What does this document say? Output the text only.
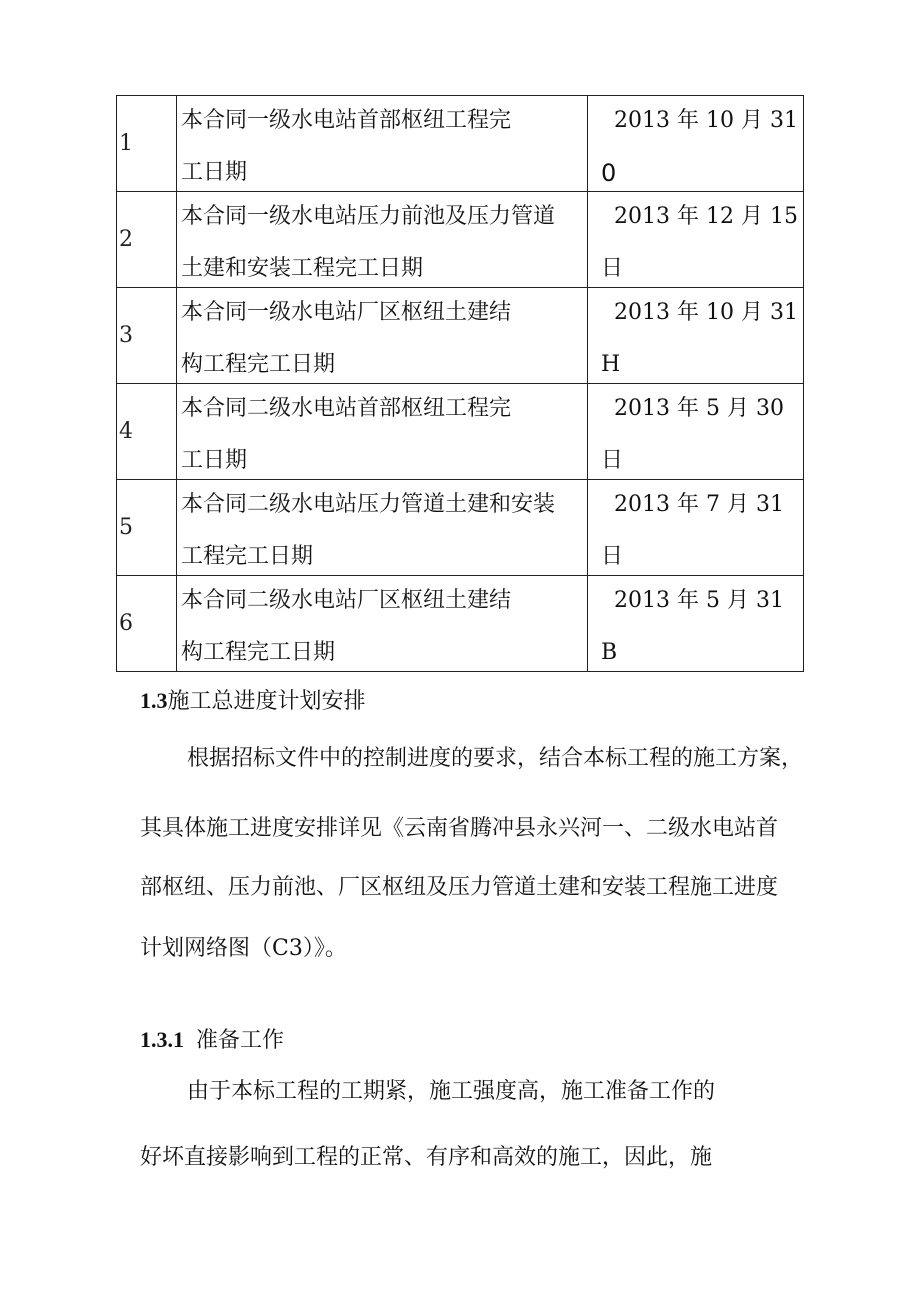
1	本合同一级水电站首部枢纽工程完
工日期	2013 年 10 月 31
0

2	本合同一级水电站压力前池及压力管道
土建和安装工程完工日期	2013 年 12 月 15
日

3	本合同一级水电站厂区枢纽土建结
构工程完工日期	2013 年 10 月 31
H

4	本合同二级水电站首部枢纽工程完
工日期	2013 年 5 月 30
日

5	本合同二级水电站压力管道土建和安装
工程完工日期	2013 年 7 月 31
日

6	本合同二级水电站厂区枢纽土建结
构工程完工日期	2013 年 5 月 31
B
1.3施工总进度计划安排
根据招标文件中的控制进度的要求，结合本标工程的施工方案，
其具体施工进度安排详见《云南省腾冲县永兴河一、二级水电站首
部枢纽、压力前池、厂区枢纽及压力管道土建和安装工程施工进度
计划网络图（C3）》。
1.3.1 准备工作
由于本标工程的工期紧，施工强度高，施工准备工作的
好坏直接影响到工程的正常、有序和高效的施工，因此，施
